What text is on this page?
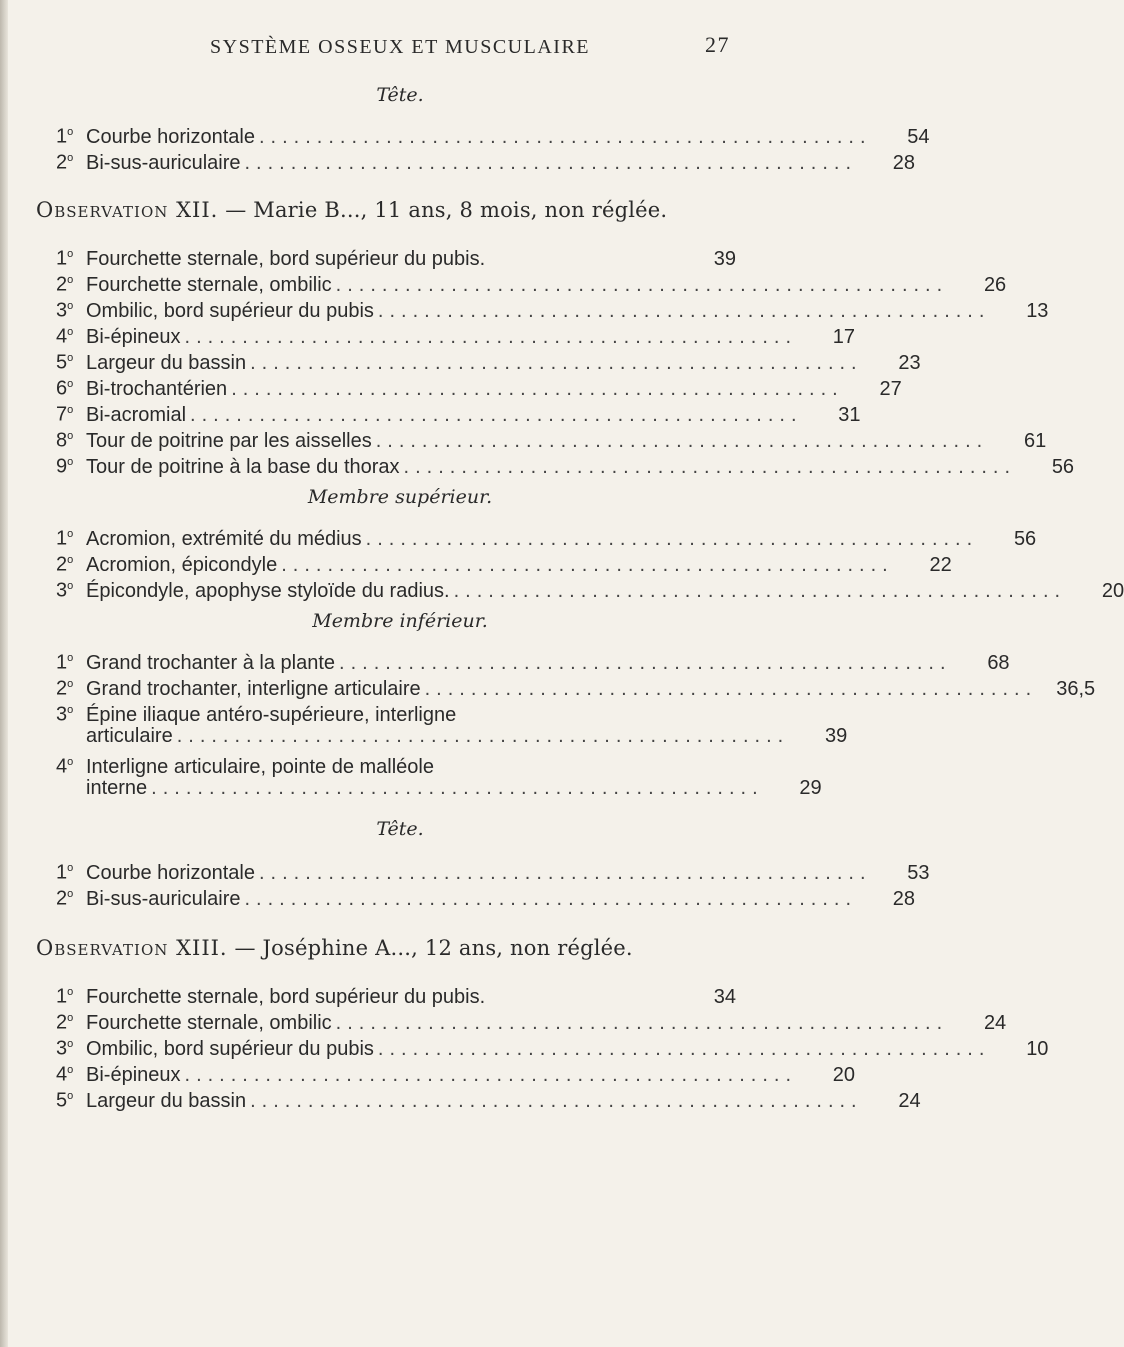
SYSTÈME OSSEUX ET MUSCULAIRE	27
Tête.
1$^o$ Courbe horizontale .....................................................	54
2$^o$ Bi-sus-auriculaire .....................................................	28
Observation XII. — Marie B..., 11 ans, 8 mois, non réglée.
1$^o$ Fourchette sternale, bord supérieur du pubis.	39
2$^o$ Fourchette sternale, ombilic .....................................................	26
3$^o$ Ombilic, bord supérieur du pubis .....................................................	13
4$^o$ Bi-épineux .....................................................	17
5$^o$ Largeur du bassin .....................................................	23
6$^o$ Bi-trochantérien .....................................................	27
7$^o$ Bi-acromial .....................................................	31
8$^o$ Tour de poitrine par les aisselles .....................................................	61
9$^o$ Tour de poitrine à la base du thorax .....................................................	56
Membre supérieur.
1$^o$ Acromion, extrémité du médius .....................................................	56
2$^o$ Acromion, épicondyle .....................................................	22
3$^o$ Épicondyle, apophyse styloïde du radius. .....................................................	20
Membre inférieur.
1$^o$ Grand trochanter à la plante .....................................................	68
2$^o$ Grand trochanter, interligne articulaire ..................................................... 36,5
3$^o$ Épine iliaque antéro-supérieure, interligne
articulaire .....................................................	39
4$^o$ Interligne articulaire, pointe de malléole
interne .....................................................	29
Tête.
1$^o$ Courbe horizontale .....................................................	53
2$^o$ Bi-sus-auriculaire .....................................................	28
Observation XIII. — Joséphine A..., 12 ans, non réglée.
1$^o$ Fourchette sternale, bord supérieur du pubis.	34
2$^o$ Fourchette sternale, ombilic .....................................................	24
3$^o$ Ombilic, bord supérieur du pubis .....................................................	10
4$^o$ Bi-épineux .....................................................	20
5$^o$ Largeur du bassin .....................................................	24
